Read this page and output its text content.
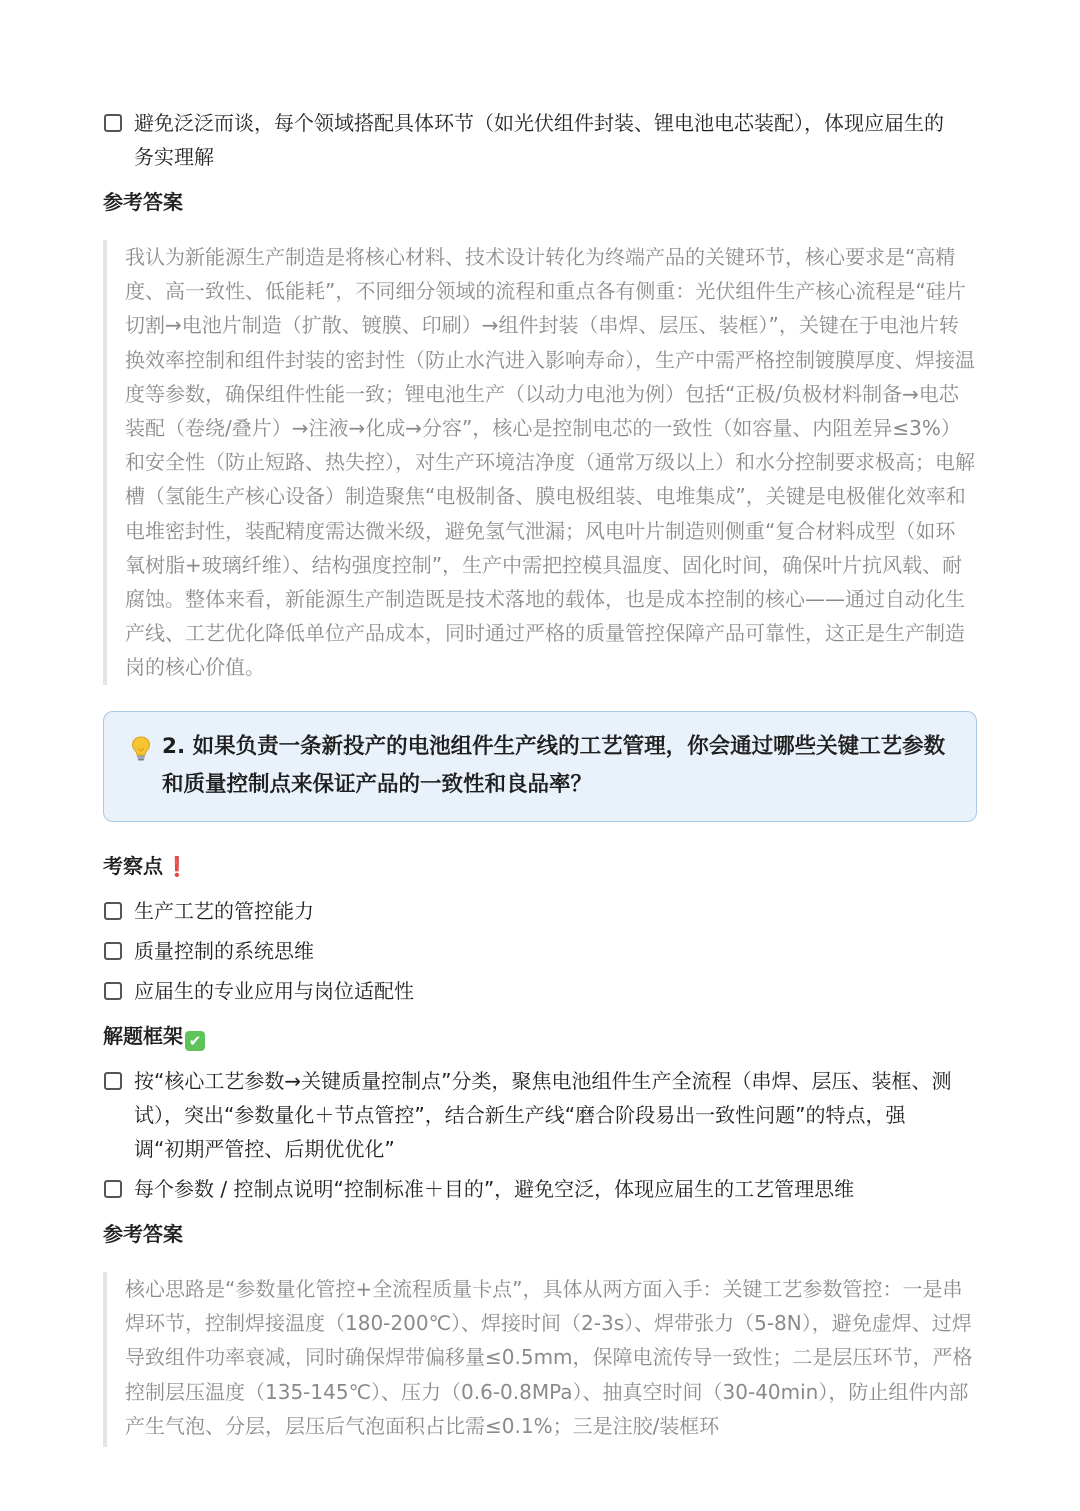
避免泛泛而谈，每个领域搭配具体环节（如光伏组件封装、锂电池电芯装配），体现应届生的务实理解
参考答案

我认为新能源生产制造是将核心材料、技术设计转化为终端产品的关键环节，核心要求是“高精度、高一致性、低能耗”，不同细分领域的流程和重点各有侧重：光伏组件生产核心流程是“硅片切割→电池片制造（扩散、镀膜、印刷）→组件封装（串焊、层压、装框）”，关键在于电池片转换效率控制和组件封装的密封性（防止水汽进入影响寿命），生产中需严格控制镀膜厚度、焊接温度等参数，确保组件性能一致；锂电池生产（以动力电池为例）包括“正极/负极材料制备→电芯装配（卷绕/叠片）→注液→化成→分容”，核心是控制电芯的一致性（如容量、内阻差异≤3%）和安全性（防止短路、热失控），对生产环境洁净度（通常万级以上）和水分控制要求极高；电解槽（氢能生产核心设备）制造聚焦“电极制备、膜电极组装、电堆集成”，关键是电极催化效率和电堆密封性，装配精度需达微米级，避免氢气泄漏；风电叶片制造则侧重“复合材料成型（如环氧树脂+玻璃纤维）、结构强度控制”，生产中需把控模具温度、固化时间，确保叶片抗风载、耐腐蚀。整体来看，新能源生产制造既是技术落地的载体，也是成本控制的核心——通过自动化生产线、工艺优化降低单位产品成本，同时通过严格的质量管控保障产品可靠性，这正是生产制造岗的核心价值。

2. 如果负责一条新投产的电池组件生产线的工艺管理，你会通过哪些关键工艺参数和质量控制点来保证产品的一致性和良品率？
考察点 ❗
生产工艺的管控能力
质量控制的系统思维
应届生的专业应用与岗位适配性
解题框架 ✔
按“核心工艺参数→关键质量控制点”分类，聚焦电池组件生产全流程（串焊、层压、装框、测试），突出“参数量化＋节点管控”，结合新生产线“磨合阶段易出一致性问题”的特点，强调“初期严管控、后期优优化”
每个参数 / 控制点说明“控制标准＋目的”，避免空泛，体现应届生的工艺管理思维
参考答案

核心思路是“参数量化管控+全流程质量卡点”，具体从两方面入手：关键工艺参数管控：一是串焊环节，控制焊接温度（180-200℃）、焊接时间（2-3s）、焊带张力（5-8N），避免虚焊、过焊导致组件功率衰减，同时确保焊带偏移量≤0.5mm，保障电流传导一致性；二是层压环节，严格控制层压温度（135-145℃）、压力（0.6-0.8MPa）、抽真空时间（30-40min），防止组件内部产生气泡、分层，层压后气泡面积占比需≤0.1%；三是注胶/装框环
